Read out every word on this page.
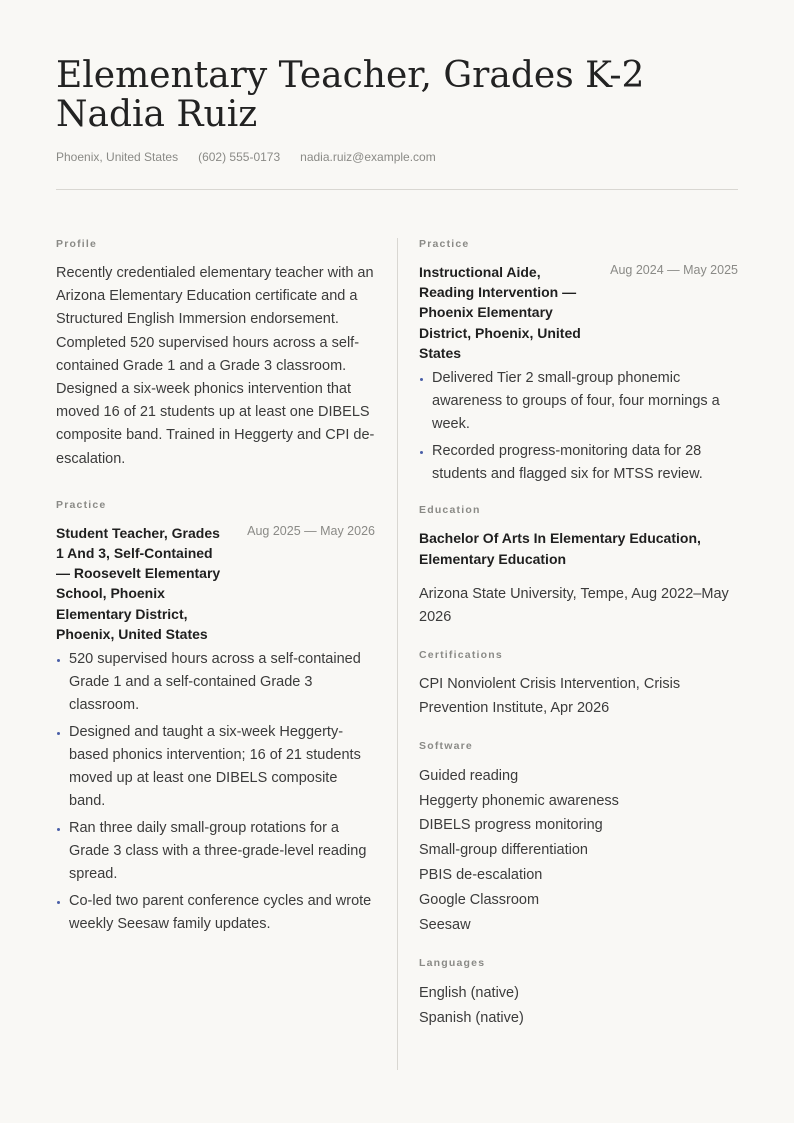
Elementary Teacher, Grades K-2
Nadia Ruiz
Phoenix, United States (602) 555-0173 nadia.ruiz@example.com
Profile

Recently credentialed elementary teacher with an Arizona Elementary Education certificate and a Structured English Immersion endorsement. Completed 520 supervised hours across a self-contained Grade 1 and a Grade 3 classroom. Designed a six-week phonics intervention that moved 16 of 21 students up at least one DIBELS composite band. Trained in Heggerty and CPI de-escalation.

Practice
Student Teacher, Grades 1 And 3, Self-Contained — Roosevelt Elementary School, Phoenix Elementary District, Phoenix, United States
Aug 2025 — May 2026
520 supervised hours across a self-contained Grade 1 and a self-contained Grade 3 classroom.
Designed and taught a six-week Heggerty-based phonics intervention; 16 of 21 students moved up at least one DIBELS composite band.
Ran three daily small-group rotations for a Grade 3 class with a three-grade-level reading spread.
Co-led two parent conference cycles and wrote weekly Seesaw family updates.
Practice
Instructional Aide, Reading Intervention — Phoenix Elementary District, Phoenix, United States
Aug 2024 — May 2025
Delivered Tier 2 small-group phonemic awareness to groups of four, four mornings a week.
Recorded progress-monitoring data for 28 students and flagged six for MTSS review.
Education
Bachelor Of Arts In Elementary Education, Elementary Education

Arizona State University, Tempe, Aug 2022–May 2026

Certifications

CPI Nonviolent Crisis Intervention, Crisis Prevention Institute, Apr 2026

Software
Guided reading
Heggerty phonemic awareness
DIBELS progress monitoring
Small-group differentiation
PBIS de-escalation
Google Classroom
Seesaw
Languages
English (native)
Spanish (native)
